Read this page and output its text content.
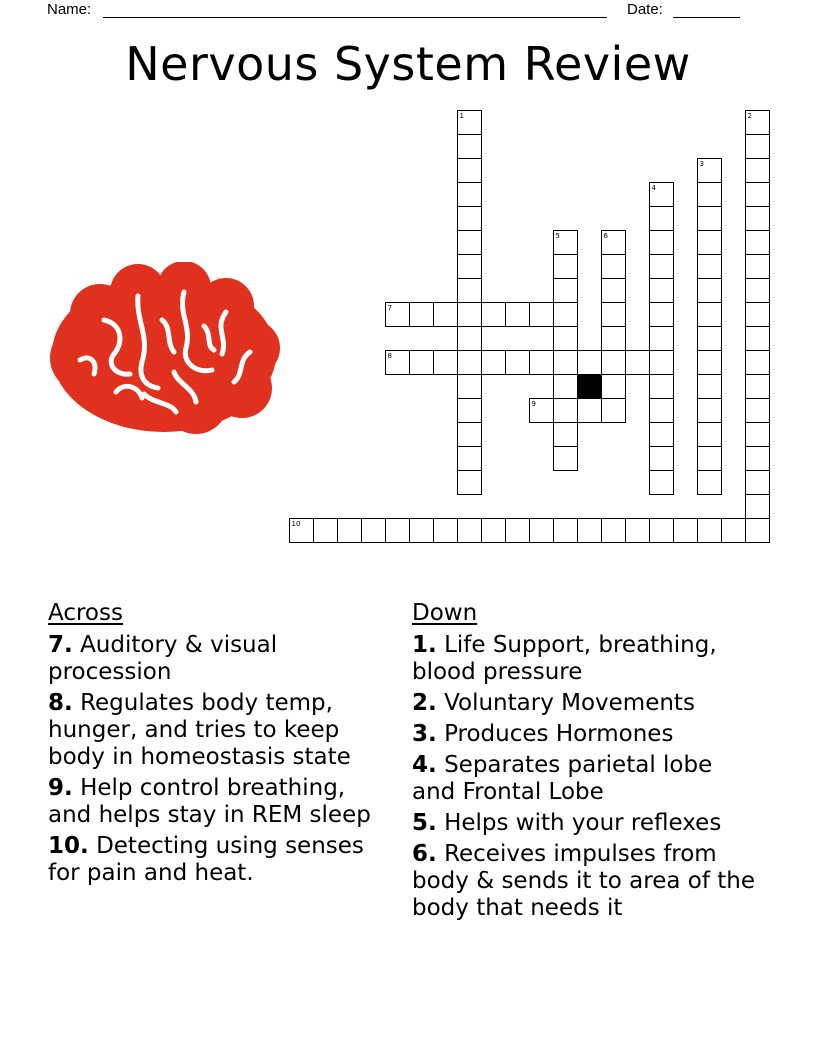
Name:	Date:
Nervous System Review
1	2
3
4
5	6
7
8
9
10
Across
7. Auditory & visual procession
8. Regulates body temp, hunger, and tries to keep body in homeostasis state
9. Help control breathing, and helps stay in REM sleep
10. Detecting using senses for pain and heat.
Down
1. Life Support, breathing, blood pressure
2. Voluntary Movements
3. Produces Hormones
4. Separates parietal lobe and Frontal Lobe
5. Helps with your reflexes
6. Receives impulses from body & sends it to area of the body that needs it
